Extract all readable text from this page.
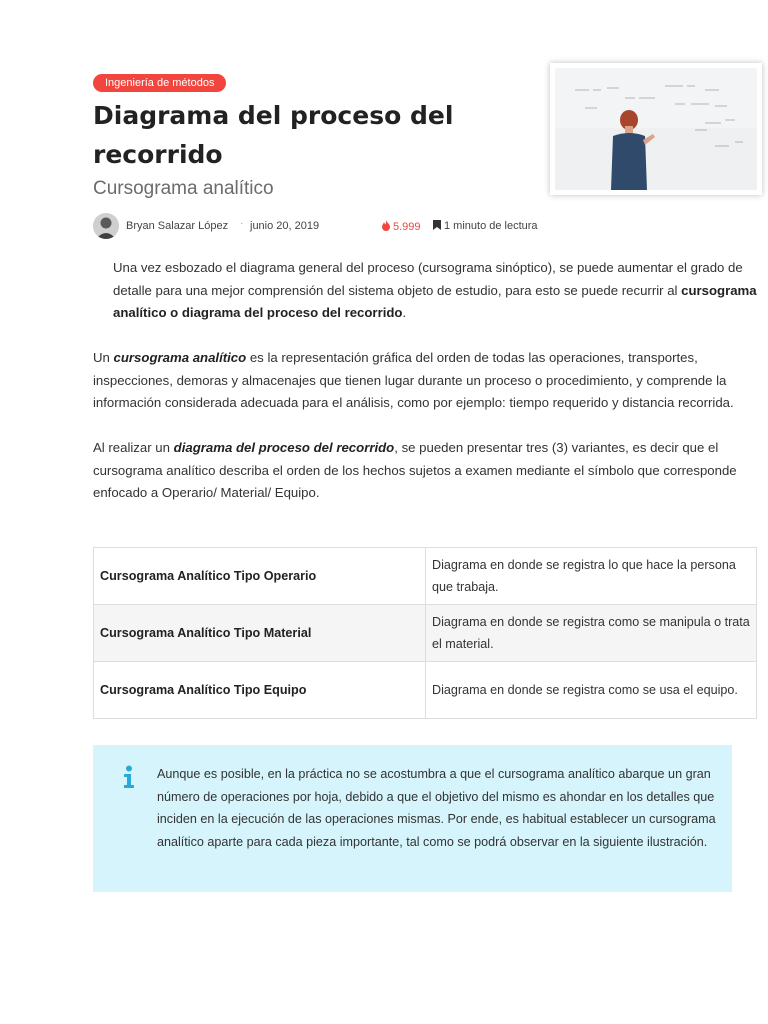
Ingeniería de métodos
Diagrama del proceso del recorrido
Cursograma analítico
Bryan Salazar López · junio 20, 2019	5.999	1 minuto de lectura

Una vez esbozado el diagrama general del proceso (cursograma sinóptico), se puede aumentar el grado de detalle para una mejor comprensión del sistema objeto de estudio, para esto se puede recurrir al cursograma analítico o diagrama del proceso del recorrido.

Un cursograma analítico es la representación gráfica del orden de todas las operaciones, transportes, inspecciones, demoras y almacenajes que tienen lugar durante un proceso o procedimiento, y comprende la información considerada adecuada para el análisis, como por ejemplo: tiempo requerido y distancia recorrida.

Al realizar un diagrama del proceso del recorrido, se pueden presentar tres (3) variantes, es decir que el cursograma analítico describa el orden de los hechos sujetos a examen mediante el símbolo que corresponde enfocado a Operario/ Material/ Equipo.

Cursograma Analítico Tipo Operario	Diagrama en donde se registra lo que hace la persona que trabaja.
Cursograma Analítico Tipo Material	Diagrama en donde se registra como se manipula o trata el material.
Cursograma Analítico Tipo Equipo	Diagrama en donde se registra como se usa el equipo.
Aunque es posible, en la práctica no se acostumbra a que el cursograma analítico abarque un gran número de operaciones por hoja, debido a que el objetivo del mismo es ahondar en los detalles que inciden en la ejecución de las operaciones mismas. Por ende, es habitual establecer un cursograma analítico aparte para cada pieza importante, tal como se podrá observar en la siguiente ilustración.
